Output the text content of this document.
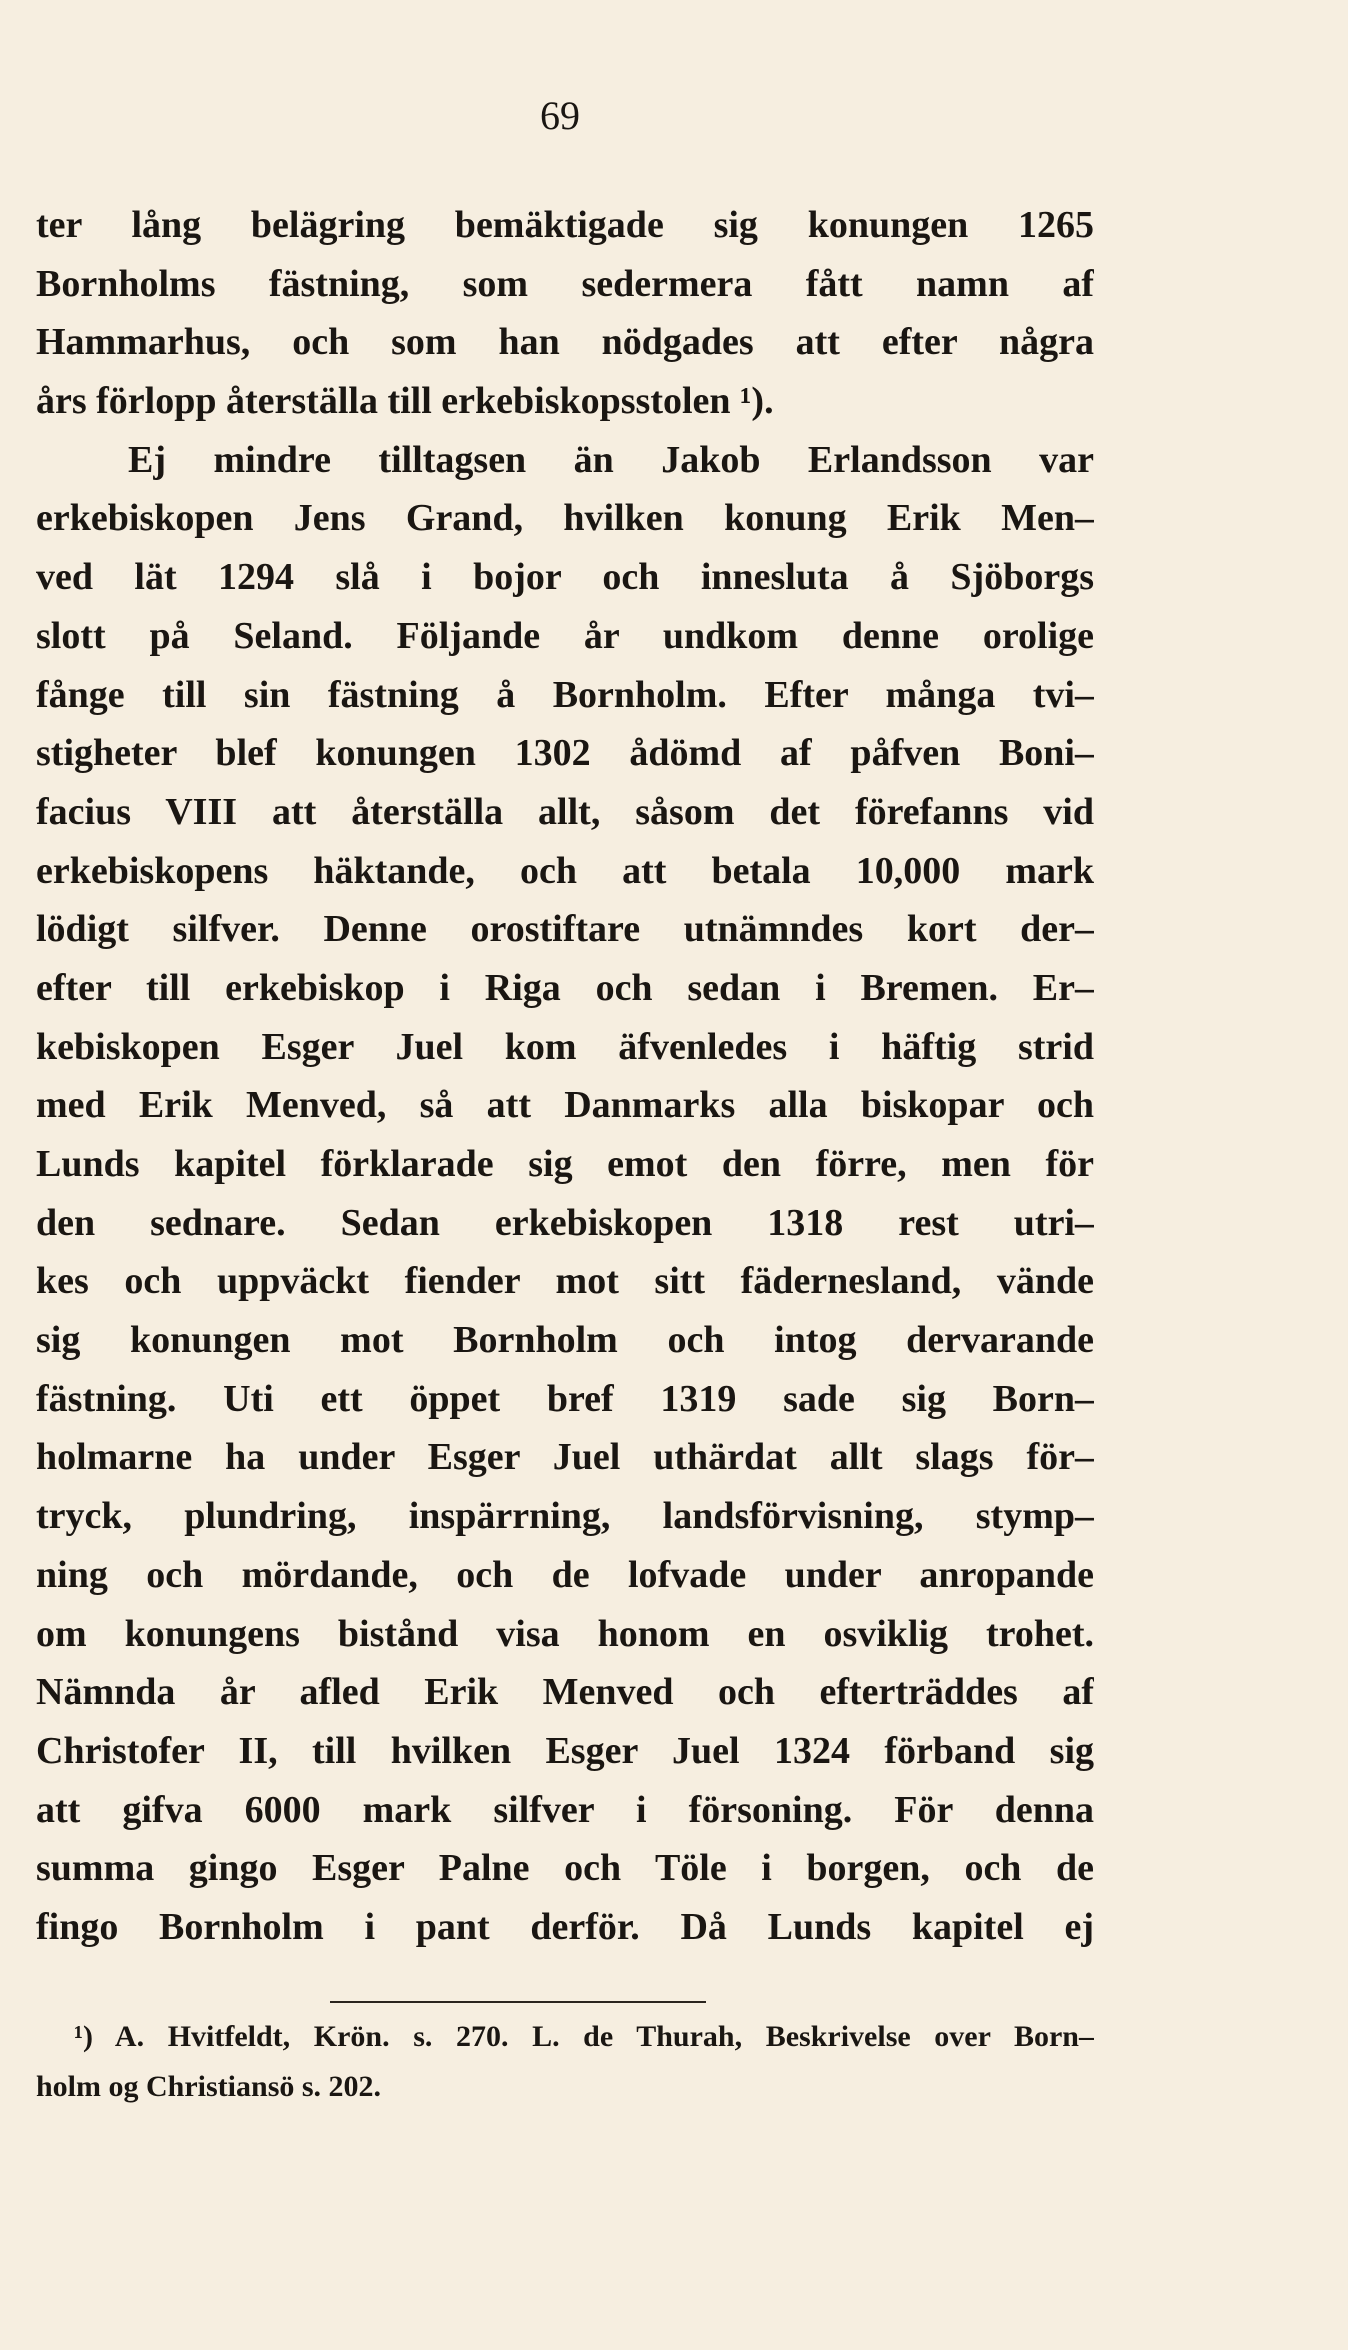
69
ter lång belägring bemäktigade sig konungen 1265
Bornholms fästning, som sedermera fått namn af
Hammarhus, och som han nödgades att efter några
års förlopp återställa till erkebiskopsstolen ¹).
Ej mindre tilltagsen än Jakob Erlandsson var
erkebiskopen Jens Grand, hvilken konung Erik Men–
ved lät 1294 slå i bojor och innesluta å Sjöborgs
slott på Seland. Följande år undkom denne orolige
fånge till sin fästning å Bornholm. Efter många tvi–
stigheter blef konungen 1302 ådömd af påfven Boni–
facius VIII att återställa allt, såsom det förefanns vid
erkebiskopens häktande, och att betala 10,000 mark
lödigt silfver. Denne orostiftare utnämndes kort der–
efter till erkebiskop i Riga och sedan i Bremen. Er–
kebiskopen Esger Juel kom äfvenledes i häftig strid
med Erik Menved, så att Danmarks alla biskopar och
Lunds kapitel förklarade sig emot den förre, men för
den sednare. Sedan erkebiskopen 1318 rest utri–
kes och uppväckt fiender mot sitt fädernesland, vände
sig konungen mot Bornholm och intog dervarande
fästning. Uti ett öppet bref 1319 sade sig Born–
holmarne ha under Esger Juel uthärdat allt slags för–
tryck, plundring, inspärrning, landsförvisning, stymp–
ning och mördande, och de lofvade under anropande
om konungens bistånd visa honom en osviklig trohet.
Nämnda år afled Erik Menved och efterträddes af
Christofer II, till hvilken Esger Juel 1324 förband sig
att gifva 6000 mark silfver i försoning. För denna
summa gingo Esger Palne och Töle i borgen, och de
fingo Bornholm i pant derför. Då Lunds kapitel ej
¹) A. Hvitfeldt, Krön. s. 270. L. de Thurah, Beskrivelse over Born–
holm og Christiansö s. 202.
